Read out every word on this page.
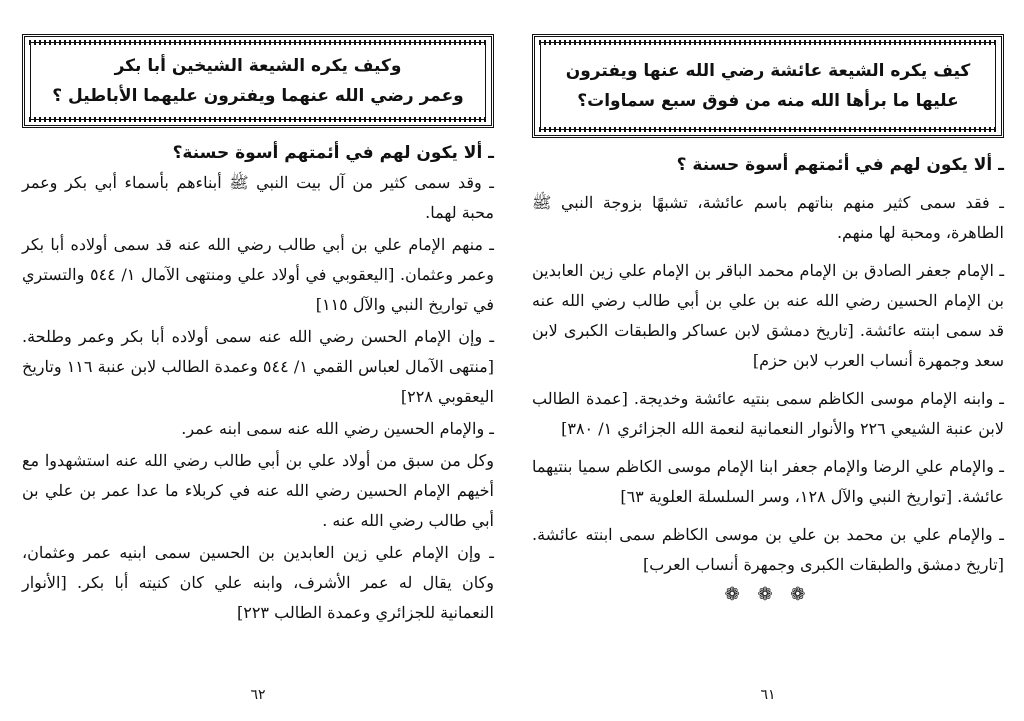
وكيف يكره الشيعة الشيخين أبا بكر
وعمر رضي الله عنهما ويفترون عليهما الأباطيل ؟
ـ ألا يكون لهم في أئمتهم أسوة حسنة؟
ـ وقد سمى كثير من آل بيت النبي ﷺ أبناءهم بأسماء أبي بكر وعمر محبة لهما.
ـ منهم الإمام علي بن أبي طالب رضي الله عنه قد سمى أولاده أبا بكر وعمر وعثمان. [اليعقوبي في أولاد علي ومنتهى الآمال ١/ ٥٤٤ والتستري في تواريخ النبي والآل ١١٥]
ـ وإن الإمام الحسن رضي الله عنه سمى أولاده أبا بكر وعمر وطلحة. [منتهى الآمال لعباس القمي ١/ ٥٤٤ وعمدة الطالب لابن عنبة ١١٦ وتاريخ اليعقوبي ٢٢٨]
ـ والإمام الحسين رضي الله عنه سمى ابنه عمر.
وكل من سبق من أولاد علي بن أبي طالب رضي الله عنه استشهدوا مع أخيهم الإمام الحسين رضي الله عنه في كربلاء ما عدا عمر بن علي بن أبي طالب رضي الله عنه .
ـ وإن الإمام علي زين العابدين بن الحسين سمى ابنيه عمر وعثمان، وكان يقال له عمر الأشرف، وابنه علي كان كنيته أبا بكر. [الأنوار النعمانية للجزائري وعمدة الطالب ٢٢٣]
٦٢
كيف يكره الشيعة عائشة رضي الله عنها ويفترون
عليها ما برأها الله منه من فوق سبع سماوات؟
ـ ألا يكون لهم في أئمتهم أسوة حسنة ؟
ـ فقد سمى كثير منهم بناتهم باسم عائشة، تشبهًا بزوجة النبي ﷺ الطاهرة، ومحبة لها منهم.
ـ الإمام جعفر الصادق بن الإمام محمد الباقر بن الإمام علي زين العابدين بن الإمام الحسين رضي الله عنه بن علي بن أبي طالب رضي الله عنه قد سمى ابنته عائشة. [تاريخ دمشق لابن عساكر والطبقات الكبرى لابن سعد وجمهرة أنساب العرب لابن حزم]
ـ وابنه الإمام موسى الكاظم سمى بنتيه عائشة وخديجة. [عمدة الطالب لابن عنبة الشيعي ٢٢٦ والأنوار النعمانية لنعمة الله الجزائري ١/ ٣٨٠]
ـ والإمام علي الرضا والإمام جعفر ابنا الإمام موسى الكاظم سميا بنتيهما عائشة. [تواريخ النبي والآل ١٢٨، وسر السلسلة العلوية ٦٣]
ـ والإمام علي بن محمد بن علي بن موسى الكاظم سمى ابنته عائشة. [تاريخ دمشق والطبقات الكبرى وجمهرة أنساب العرب]
❁ ❁ ❁
٦١
